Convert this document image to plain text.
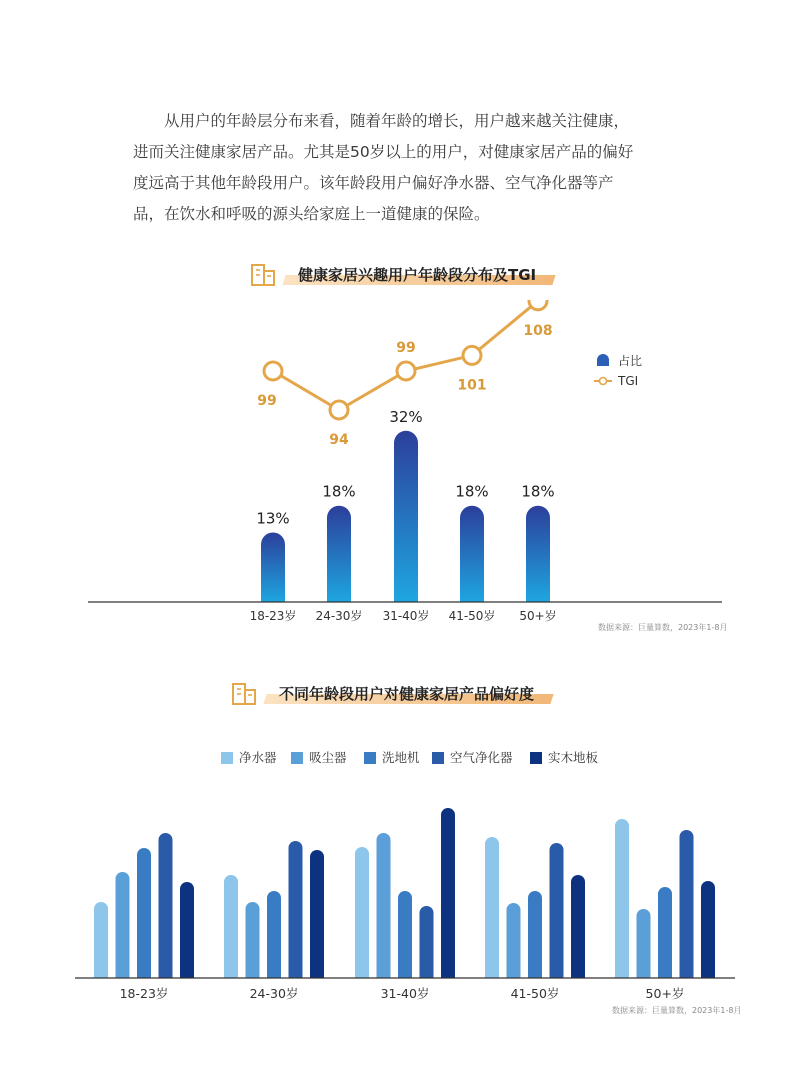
从用户的年龄层分布来看，随着年龄的增长，用户越来越关注健康，
进而关注健康家居产品。尤其是50岁以上的用户，对健康家居产品的偏好
度远高于其他年龄段用户。该年龄段用户偏好净水器、空气净化器等产
品，在饮水和呼吸的源头给家庭上一道健康的保险。

健康家居兴趣用户年龄段分布及TGI
13%
18%
32%
18% 18%
99
94
99
101
108
18-23岁 24-30岁 31-40岁 41-50岁 50+岁
占比
TGI
数据来源：巨量算数，2023年1-8月
不同年龄段用户对健康家居产品偏好度
净水器	吸尘器	洗地机 空气净化器	实木地板
18-23岁	24-30岁	31-40岁	41-50岁	50+岁
数据来源：巨量算数，2023年1-8月
